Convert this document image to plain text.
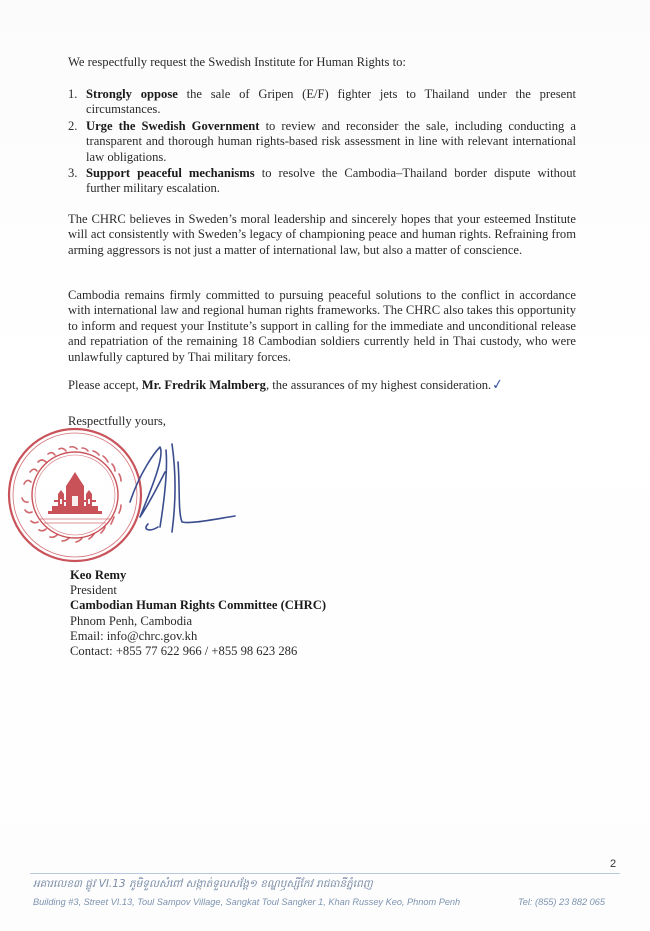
We respectfully request the Swedish Institute for Human Rights to:
1. Strongly oppose the sale of Gripen (E/F) fighter jets to Thailand under the present circumstances.
2. Urge the Swedish Government to review and reconsider the sale, including conducting a transparent and thorough human rights-based risk assessment in line with relevant international law obligations.
3. Support peaceful mechanisms to resolve the Cambodia–Thailand border dispute without further military escalation.
The CHRC believes in Sweden’s moral leadership and sincerely hopes that your esteemed Institute will act consistently with Sweden’s legacy of championing peace and human rights. Refraining from arming aggressors is not just a matter of international law, but also a matter of conscience.
Cambodia remains firmly committed to pursuing peaceful solutions to the conflict in accordance with international law and regional human rights frameworks. The CHRC also takes this opportunity to inform and request your Institute’s support in calling for the immediate and unconditional release and repatriation of the remaining 18 Cambodian soldiers currently held in Thai custody, who were unlawfully captured by Thai military forces.
Please accept, Mr. Fredrik Malmberg, the assurances of my highest consideration.✓
Respectfully yours,
Keo Remy
President
Cambodian Human Rights Committee (CHRC)
Phnom Penh, Cambodia
Email: info@chrc.gov.kh
Contact: +855 77 622 966 / +855 98 623 286
2
អគារលេខ៣ ផ្លូវ VI.13 ភូមិទួលសំពៅ សង្កាត់ទួលសង្គែ១ ខណ្ឌឫស្សីកែវ រាជធានីភ្នំពេញ
Building #3, Street VI.13, Toul Sampov Village, Sangkat Toul Sangker 1, Khan Russey Keo, Phnom Penh	Tel: (855) 23 882 065
